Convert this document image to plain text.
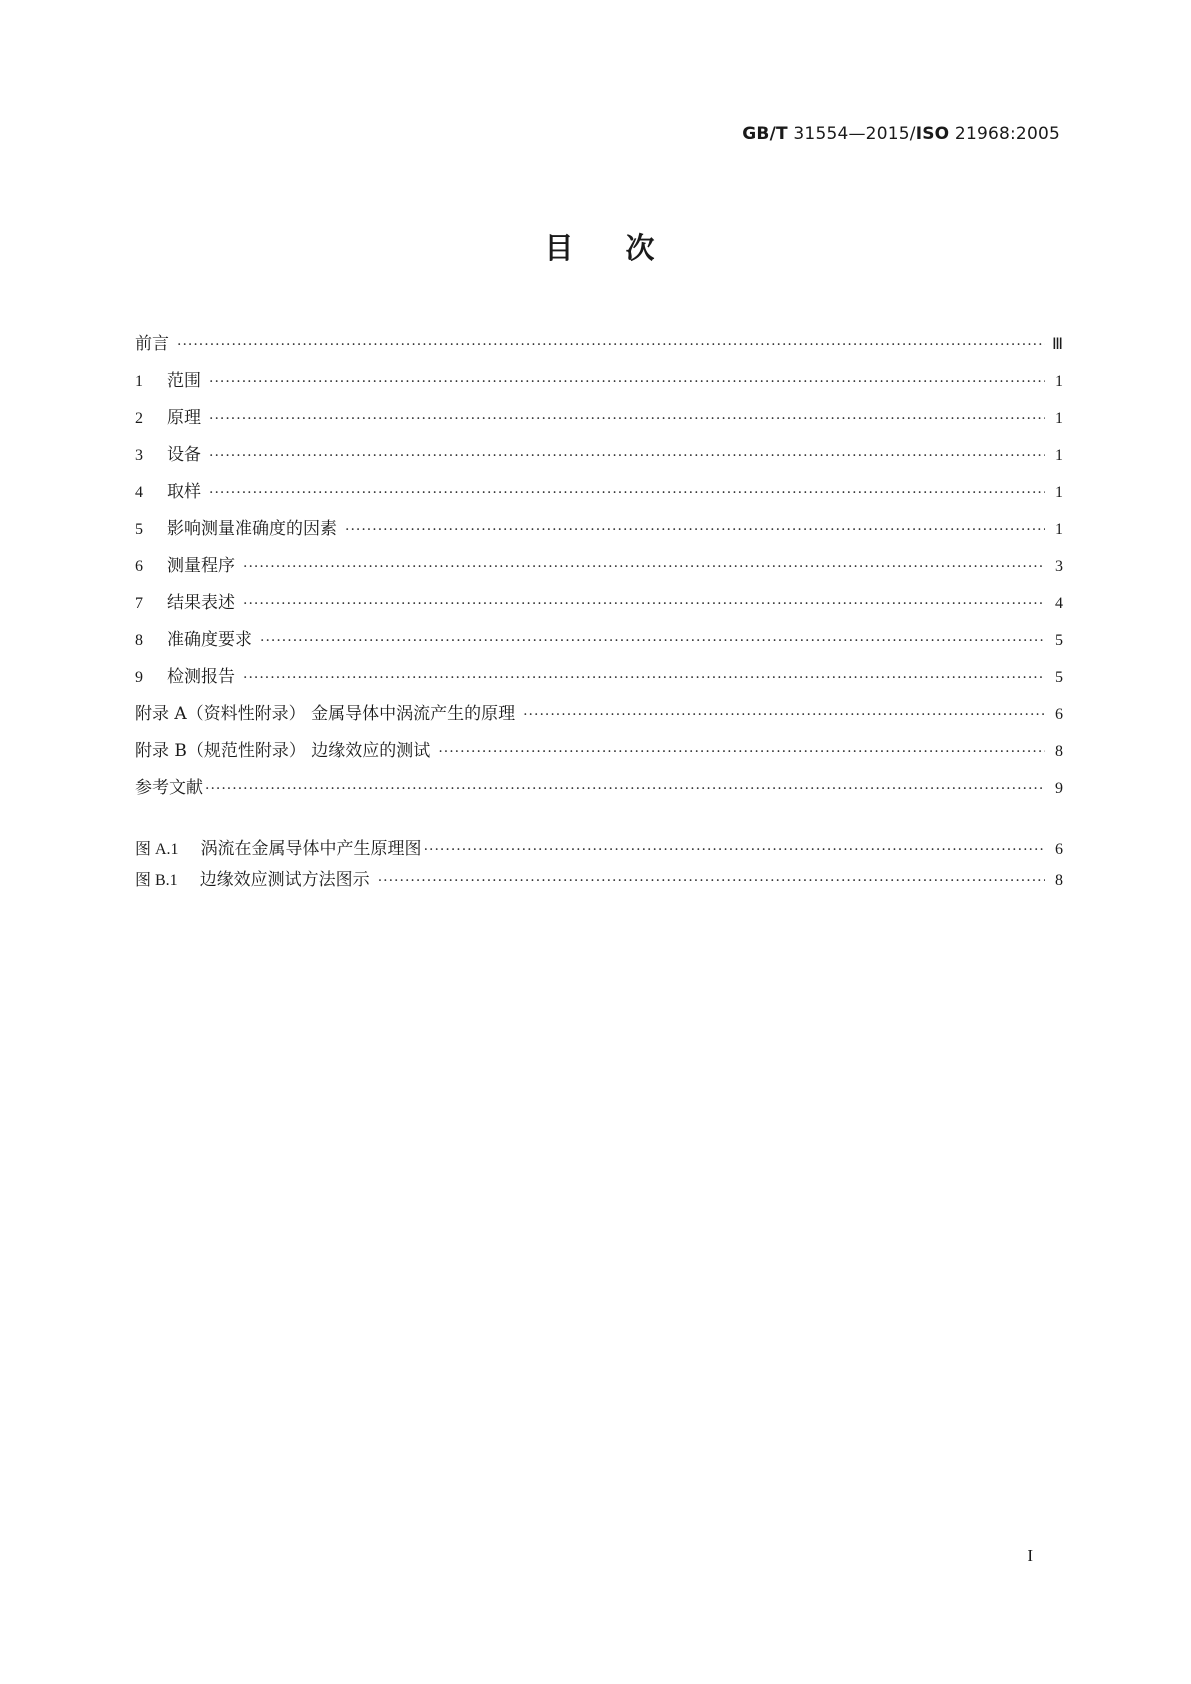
GB/T 31554—2015/ISO 21968:2005
目次
前言 ·····	Ⅲ
1 范围 ·····	1
2 原理 ·····	1
3 设备 ·····	1
4 取样 ·····	1
5 影响测量准确度的因素 ·····	1
6 测量程序 ·····	3
7 结果表述 ·····	4
8 准确度要求 ·····	5
9 检测报告 ·····	5
附录 A（资料性附录） 金属导体中涡流产生的原理 ·····	6
附录 B（规范性附录） 边缘效应的测试 ·····	8
参考文献 ·····	9
图 A.1 涡流在金属导体中产生原理图 ·····	6
图 B.1 边缘效应测试方法图示 ·····	8
I
